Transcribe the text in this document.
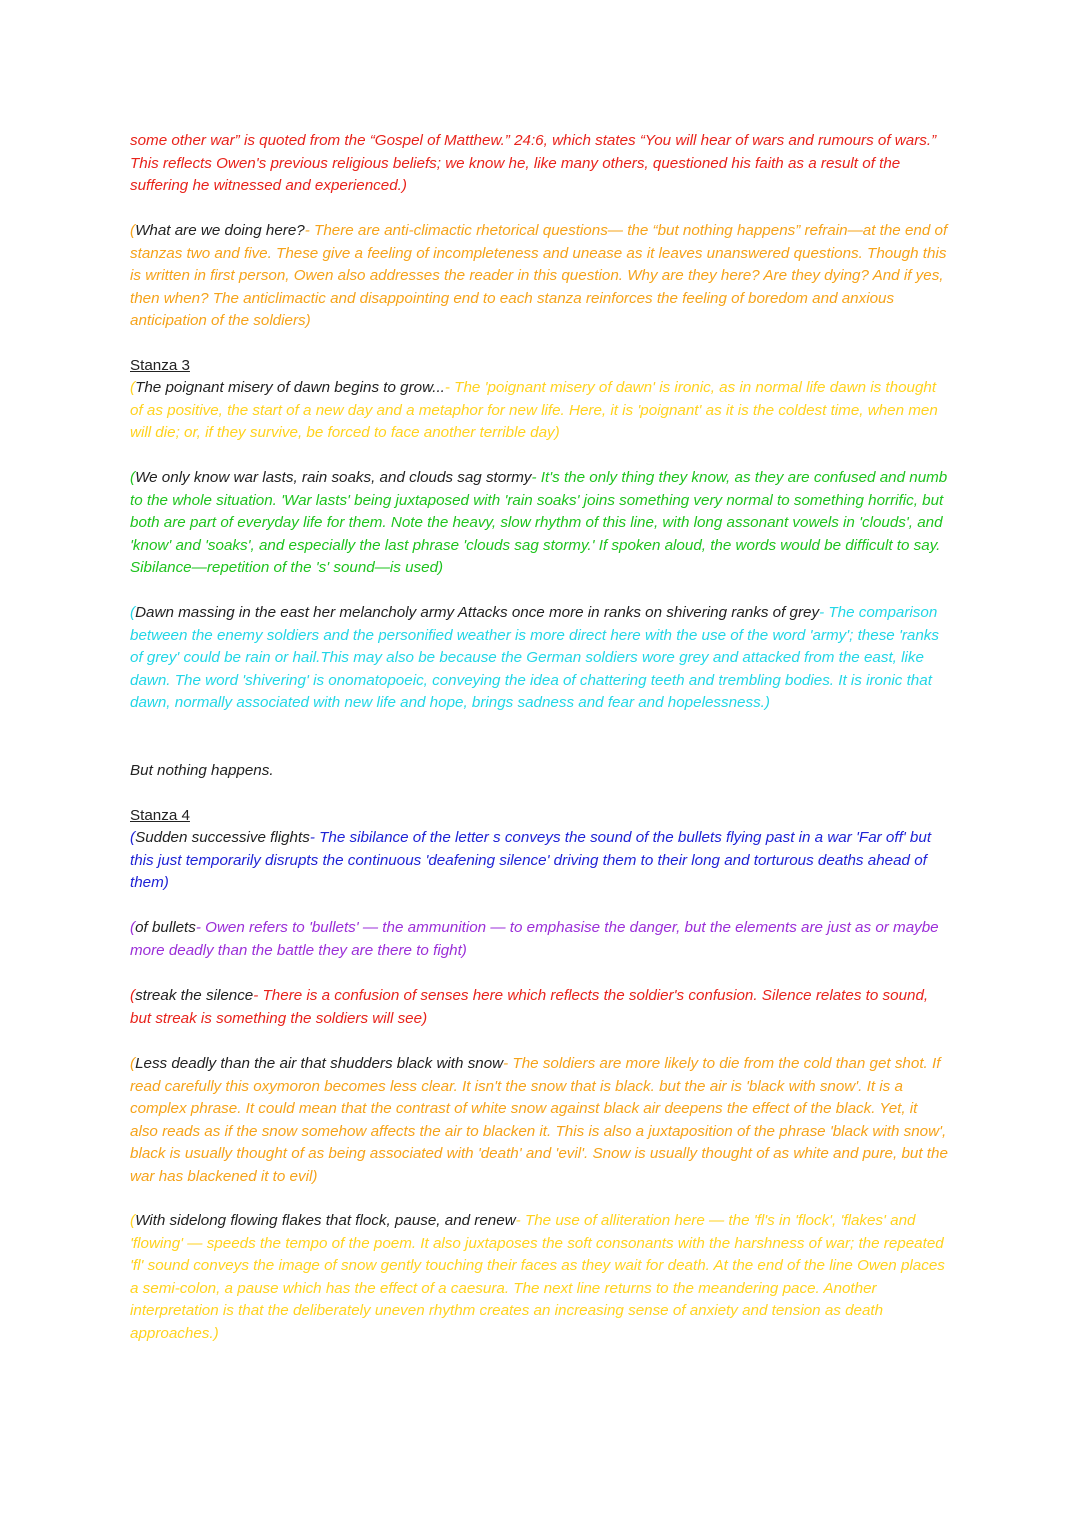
some other war” is quoted from the “Gospel of Matthew.” 24:6, which states “You will hear of wars and rumours of wars.” This reflects Owen's previous religious beliefs; we know he, like many others, questioned his faith as a result of the suffering he witnessed and experienced.)

(What are we doing here?- There are anti-climactic rhetorical questions— the “but nothing happens” refrain—at the end of stanzas two and five. These give a feeling of incompleteness and unease as it leaves unanswered questions. Though this is written in first person, Owen also addresses the reader in this question. Why are they here? Are they dying? And if yes, then when? The anticlimactic and disappointing end to each stanza reinforces the feeling of boredom and anxious anticipation of the soldiers)

Stanza 3

(The poignant misery of dawn begins to grow...- The 'poignant misery of dawn' is ironic, as in normal life dawn is thought of as positive, the start of a new day and a metaphor for new life. Here, it is 'poignant' as it is the coldest time, when men will die; or, if they survive, be forced to face another terrible day)

(We only know war lasts, rain soaks, and clouds sag stormy- It's the only thing they know, as they are confused and numb to the whole situation. 'War lasts' being juxtaposed with 'rain soaks' joins something very normal to something horrific, but both are part of everyday life for them. Note the heavy, slow rhythm of this line, with long assonant vowels in 'clouds', and 'know' and 'soaks', and especially the last phrase 'clouds sag stormy.' If spoken aloud, the words would be difficult to say. Sibilance—repetition of the 's' sound—is used)

(Dawn massing in the east her melancholy army Attacks once more in ranks on shivering ranks of grey- The comparison between the enemy soldiers and the personified weather is more direct here with the use of the word 'army'; these 'ranks of grey' could be rain or hail.This may also be because the German soldiers wore grey and attacked from the east, like dawn. The word 'shivering' is onomatopoeic, conveying the idea of chattering teeth and trembling bodies. It is ironic that dawn, normally associated with new life and hope, brings sadness and fear and hopelessness.)

But nothing happens.

Stanza 4

(Sudden successive flights- The sibilance of the letter s conveys the sound of the bullets flying past in a war 'Far off' but this just temporarily disrupts the continuous 'deafening silence' driving them to their long and torturous deaths ahead of them)

(of bullets- Owen refers to 'bullets' — the ammunition — to emphasise the danger, but the elements are just as or maybe more deadly than the battle they are there to fight)

(streak the silence- There is a confusion of senses here which reflects the soldier's confusion. Silence relates to sound, but streak is something the soldiers will see)

(Less deadly than the air that shudders black with snow- The soldiers are more likely to die from the cold than get shot. If read carefully this oxymoron becomes less clear. It isn't the snow that is black. but the air is 'black with snow'. It is a complex phrase. It could mean that the contrast of white snow against black air deepens the effect of the black. Yet, it also reads as if the snow somehow affects the air to blacken it. This is also a juxtaposition of the phrase 'black with snow', black is usually thought of as being associated with 'death' and 'evil'. Snow is usually thought of as white and pure, but the war has blackened it to evil)

(With sidelong flowing flakes that flock, pause, and renew- The use of alliteration here — the 'fl's in 'flock', 'flakes' and 'flowing' — speeds the tempo of the poem. It also juxtaposes the soft consonants with the harshness of war; the repeated 'fl' sound conveys the image of snow gently touching their faces as they wait for death. At the end of the line Owen places a semi-colon, a pause which has the effect of a caesura. The next line returns to the meandering pace. Another interpretation is that the deliberately uneven rhythm creates an increasing sense of anxiety and tension as death approaches.)
